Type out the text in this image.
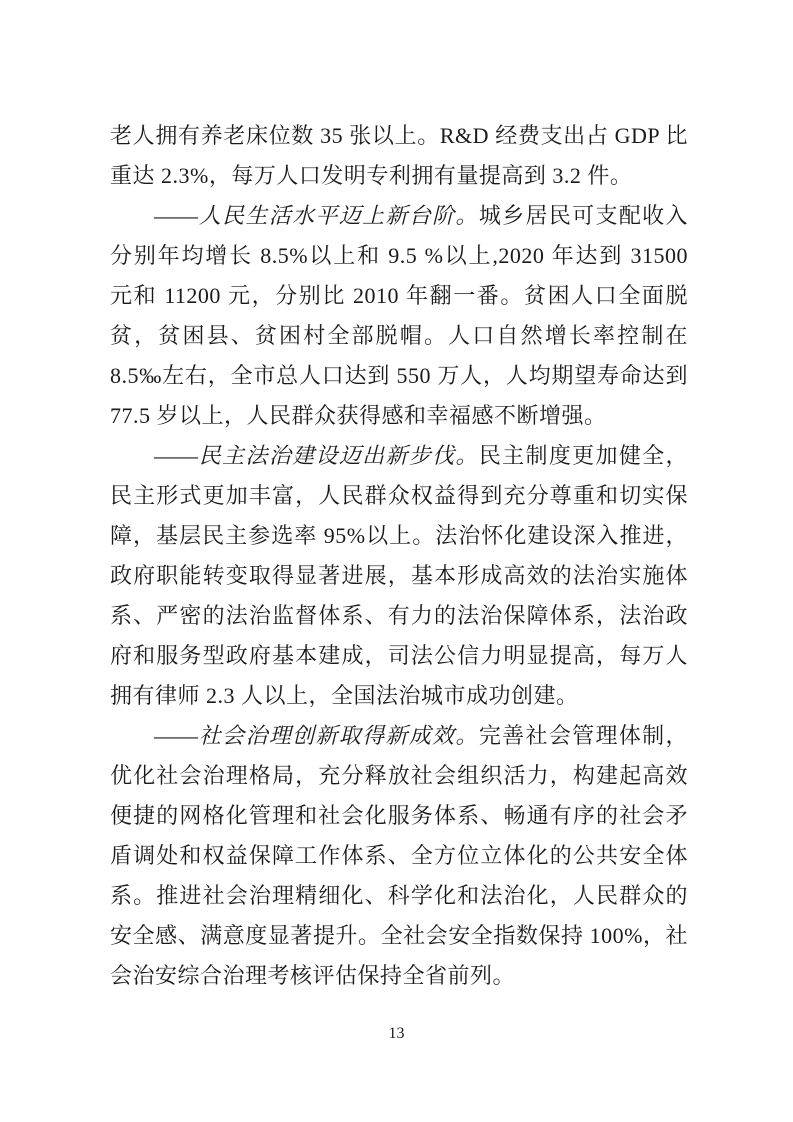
老人拥有养老床位数 35 张以上。R&D 经费支出占 GDP 比重达 2.3%，每万人口发明专利拥有量提高到 3.2 件。

——人民生活水平迈上新台阶。城乡居民可支配收入分别年均增长 8.5%以上和 9.5 %以上,2020 年达到 31500 元和 11200 元，分别比 2010 年翻一番。贫困人口全面脱贫，贫困县、贫困村全部脱帽。人口自然增长率控制在 8.5‰左右，全市总人口达到 550 万人，人均期望寿命达到 77.5 岁以上，人民群众获得感和幸福感不断增强。

——民主法治建设迈出新步伐。民主制度更加健全，民主形式更加丰富，人民群众权益得到充分尊重和切实保障，基层民主参选率 95%以上。法治怀化建设深入推进，政府职能转变取得显著进展，基本形成高效的法治实施体系、严密的法治监督体系、有力的法治保障体系，法治政府和服务型政府基本建成，司法公信力明显提高，每万人拥有律师 2.3 人以上，全国法治城市成功创建。

——社会治理创新取得新成效。完善社会管理体制，优化社会治理格局，充分释放社会组织活力，构建起高效便捷的网格化管理和社会化服务体系、畅通有序的社会矛盾调处和权益保障工作体系、全方位立体化的公共安全体系。推进社会治理精细化、科学化和法治化，人民群众的安全感、满意度显著提升。全社会安全指数保持 100%，社会治安综合治理考核评估保持全省前列。

13
